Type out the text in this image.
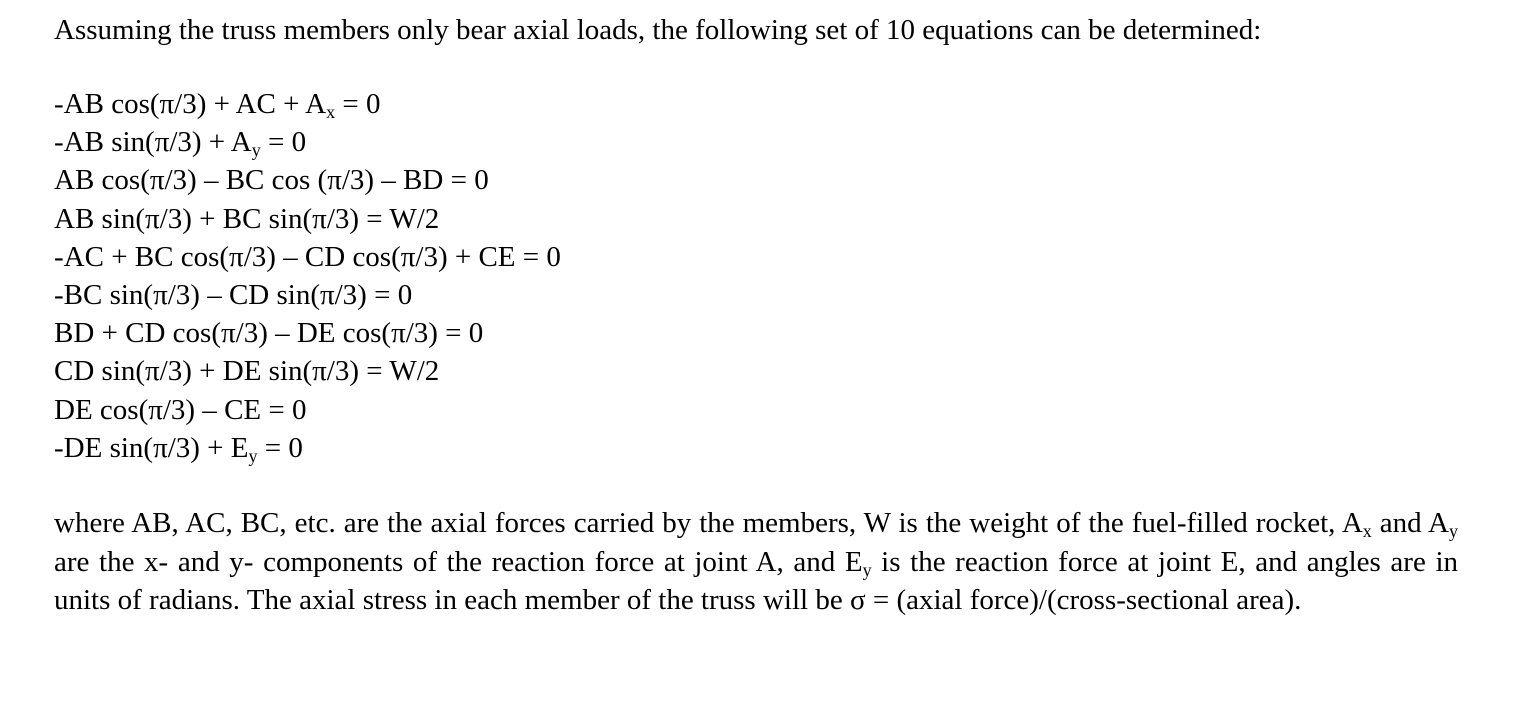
Assuming the truss members only bear axial loads, the following set of 10 equations can be determined:
-AB cos(π/3) + AC + $A_x = 0$
-AB $\sin(\pi/3) + A_y = 0$
AB cos(π/3) – BC cos (π/3) – BD = 0
AB sin(π/3) + BC sin(π/3) = W/2
-AC + BC cos(π/3) – CD cos(π/3) + CE = 0
-BC sin(π/3) – CD sin(π/3) = 0
BD + CD cos(π/3) – DE cos(π/3) = 0
CD sin(π/3) + DE sin(π/3) = W/2
DE cos(π/3) – CE = 0
-DE $\sin(\pi/3) + E_y = 0$

where AB, AC, BC, etc. are the axial forces carried by the members, W is the weight of the fuel-filled rocket, $A_x$ and $A_y$ are the x- and y- components of the reaction force at joint A, and $E_y$ is the reaction force at joint E, and angles are in units of radians. The axial stress in each member of the truss will be σ = (axial force)/(cross-sectional area).
